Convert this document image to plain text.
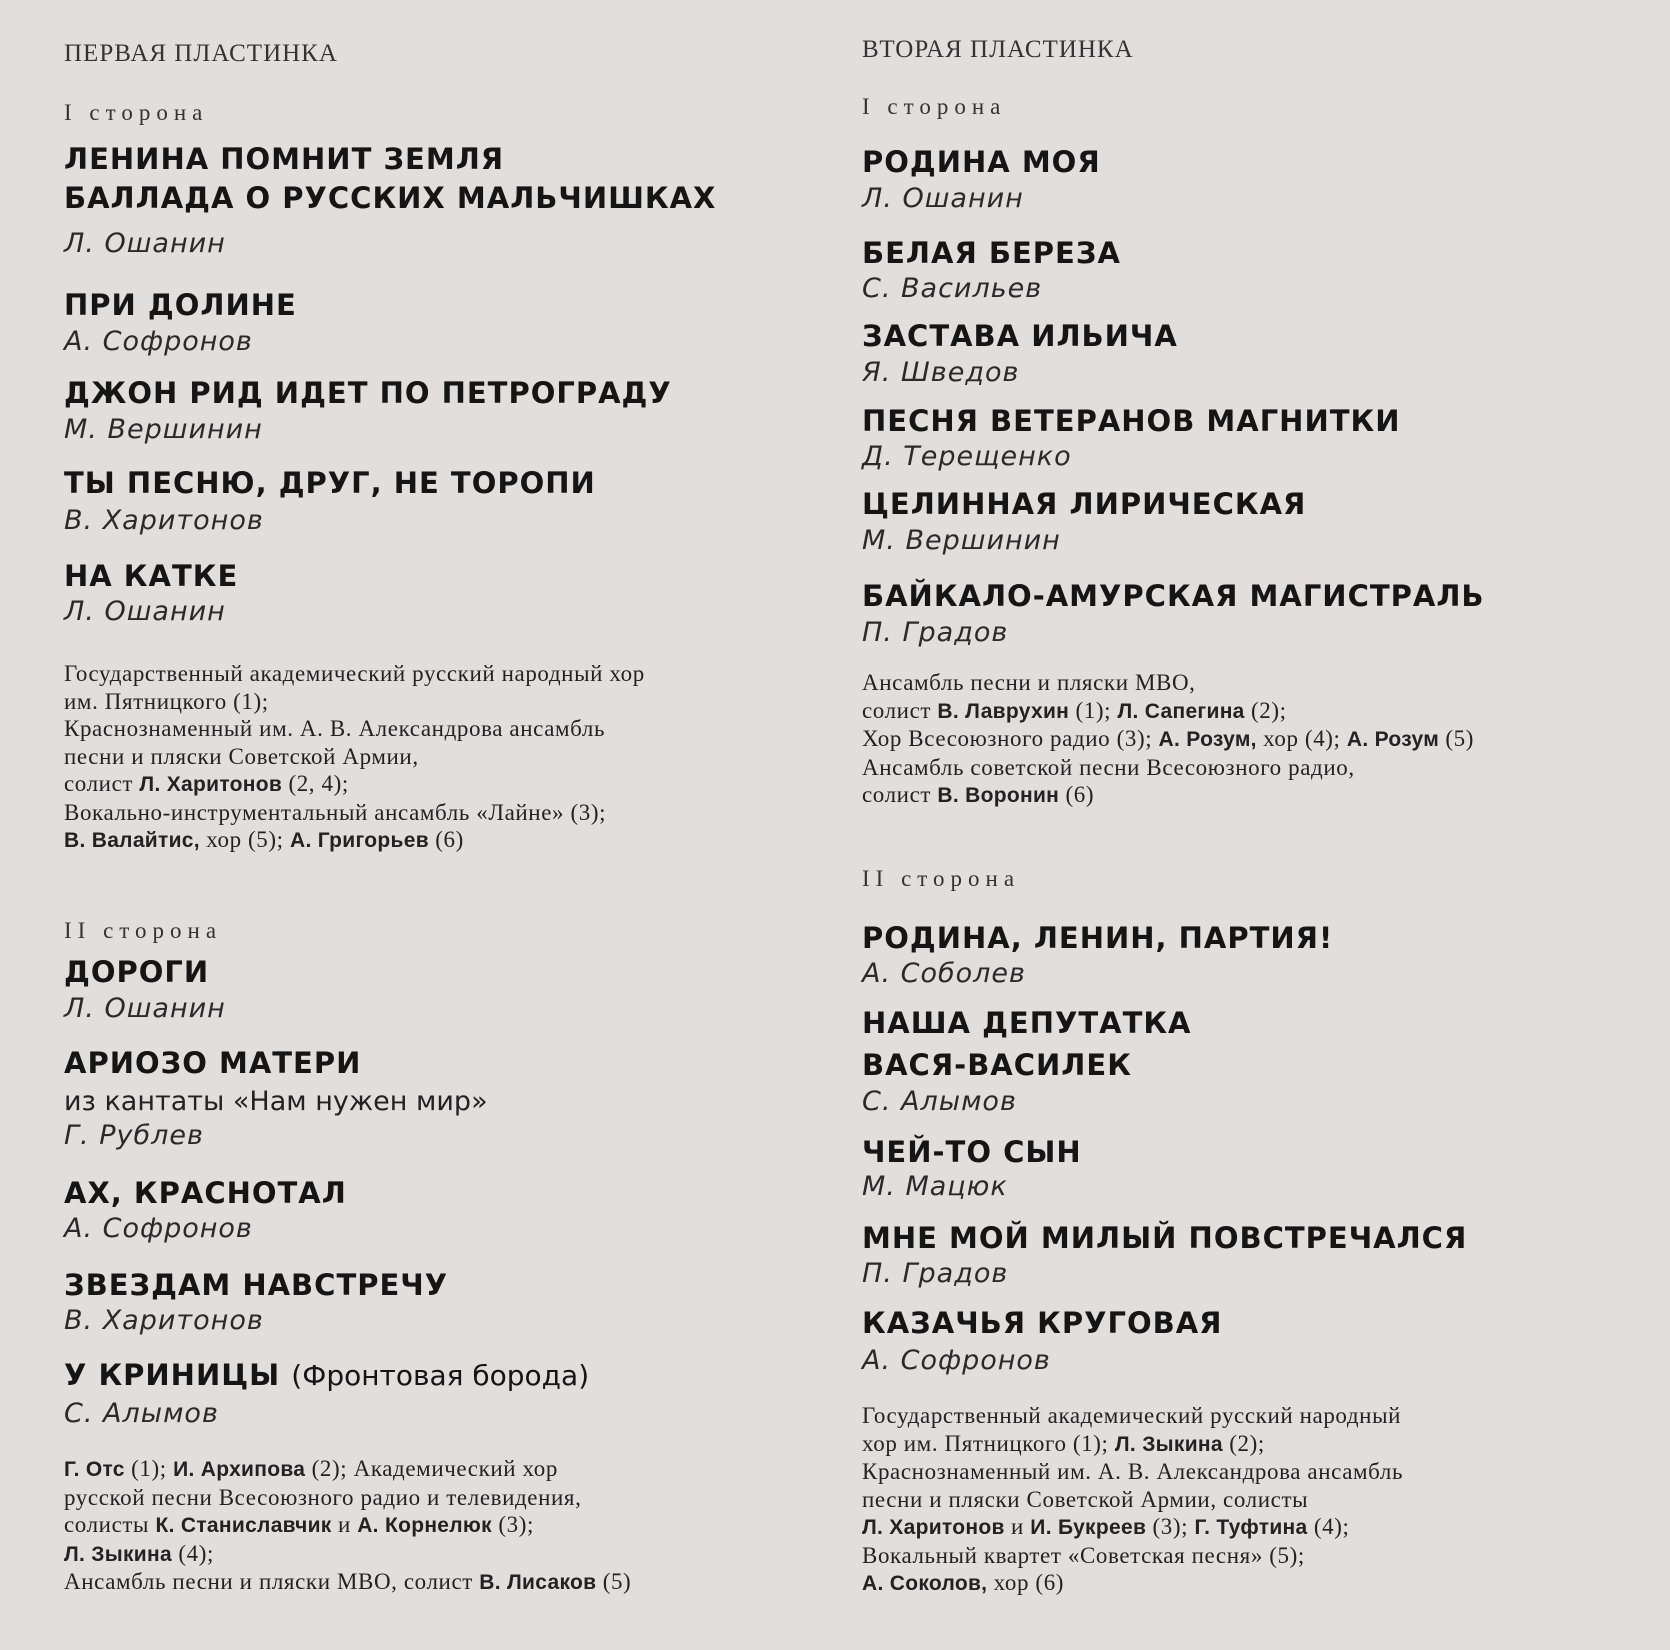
ПЕРВАЯ ПЛАСТИНКА
I сторона
ЛЕНИНА ПОМНИТ ЗЕМЛЯ
БАЛЛАДА О РУССКИХ МАЛЬЧИШКАХ
Л. Ошанин
ПРИ ДОЛИНЕ
А. Софронов
ДЖОН РИД ИДЕТ ПО ПЕТРОГРАДУ
М. Вершинин
ТЫ ПЕСНЮ, ДРУГ, НЕ ТОРОПИ
В. Харитонов
НА КАТКЕ
Л. Ошанин
Государственный академический русский народный хор
им. Пятницкого (1);
Краснознаменный им. А. В. Александрова ансамбль
песни и пляски Советской Армии,
солист Л. Харитонов (2, 4);
Вокально-инструментальный ансамбль «Лайне» (3);
В. Валайтис, хор (5); А. Григорьев (6)
II сторона
ДОРОГИ
Л. Ошанин
АРИОЗО МАТЕРИ
из кантаты «Нам нужен мир»
Г. Рублев
АХ, КРАСНОТАЛ
А. Софронов
ЗВЕЗДАМ НАВСТРЕЧУ
В. Харитонов
У КРИНИЦЫ (Фронтовая борода)
С. Алымов
Г. Отс (1); И. Архипова (2); Академический хор
русской песни Всесоюзного радио и телевидения,
солисты К. Станиславчик и А. Корнелюк (3);
Л. Зыкина (4);
Ансамбль песни и пляски МВО, солист В. Лисаков (5)
ВТОРАЯ ПЛАСТИНКА
I сторона
РОДИНА МОЯ
Л. Ошанин
БЕЛАЯ БЕРЕЗА
С. Васильев
ЗАСТАВА ИЛЬИЧА
Я. Шведов
ПЕСНЯ ВЕТЕРАНОВ МАГНИТКИ
Д. Терещенко
ЦЕЛИННАЯ ЛИРИЧЕСКАЯ
М. Вершинин
БАЙКАЛО-АМУРСКАЯ МАГИСТРАЛЬ
П. Градов
Ансамбль песни и пляски МВО,
солист В. Лаврухин (1); Л. Сапегина (2);
Хор Всесоюзного радио (3); А. Розум, хор (4); А. Розум (5)
Ансамбль советской песни Всесоюзного радио,
солист В. Воронин (6)
II сторона
РОДИНА, ЛЕНИН, ПАРТИЯ!
А. Соболев
НАША ДЕПУТАТКА
ВАСЯ-ВАСИЛЕК
С. Алымов
ЧЕЙ-ТО СЫН
М. Мацюк
МНЕ МОЙ МИЛЫЙ ПОВСТРЕЧАЛСЯ
П. Градов
КАЗАЧЬЯ КРУГОВАЯ
А. Софронов
Государственный академический русский народный
хор им. Пятницкого (1); Л. Зыкина (2);
Краснознаменный им. А. В. Александрова ансамбль
песни и пляски Советской Армии, солисты
Л. Харитонов и И. Букреев (3); Г. Туфтина (4);
Вокальный квартет «Советская песня» (5);
А. Соколов, хор (6)
